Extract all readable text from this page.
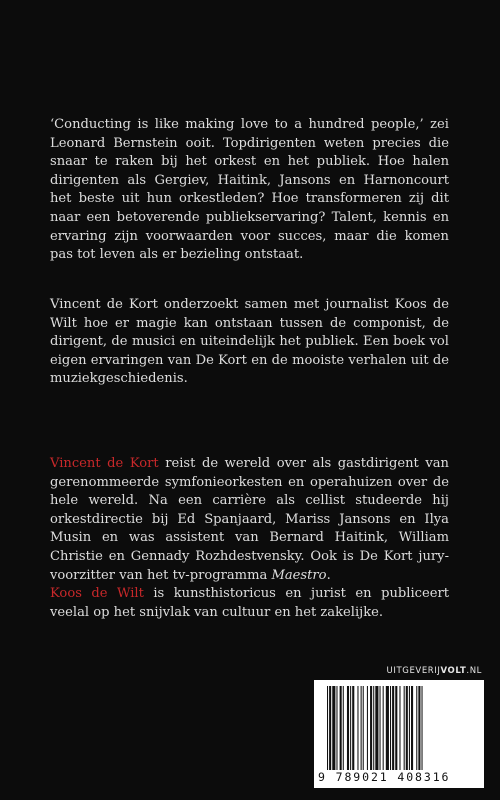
‘Conducting is like making love to a hundred people,’ zei Leonard Bernstein ooit. Topdirigenten weten precies die snaar te raken bij het orkest en het publiek. Hoe halen dirigenten als Gergiev, Haitink, Jansons en Harnoncourt het beste uit hun orkestleden? Hoe transformeren zij dit naar een betoverende publiekservaring? Talent, kennis en ervaring zijn voorwaarden voor succes, maar die komen pas tot leven als er bezieling ontstaat.

Vincent de Kort onderzoekt samen met journalist Koos de Wilt hoe er magie kan ontstaan tussen de componist, de dirigent, de musici en uiteindelijk het publiek. Een boek vol eigen ervaringen van De Kort en de mooiste verhalen uit de muziekgeschiedenis.

Vincent de Kort reist de wereld over als gastdirigent van gerenommeerde symfonieorkesten en operahuizen over de hele wereld. Na een carrière als cellist studeerde hij orkestdirectie bij Ed Spanjaard, Mariss Jansons en Ilya Musin en was assistent van Bernard Haitink, William Christie en Gennady Rozhdestvensky. Ook is De Kort jury-voorzitter van het tv-programma Maestro.

Koos de Wilt is kunsthistoricus en jurist en publiceert veelal op het snijvlak van cultuur en het zakelijke.

UITGEVERIJVOLT.NL
9 789021 408316
